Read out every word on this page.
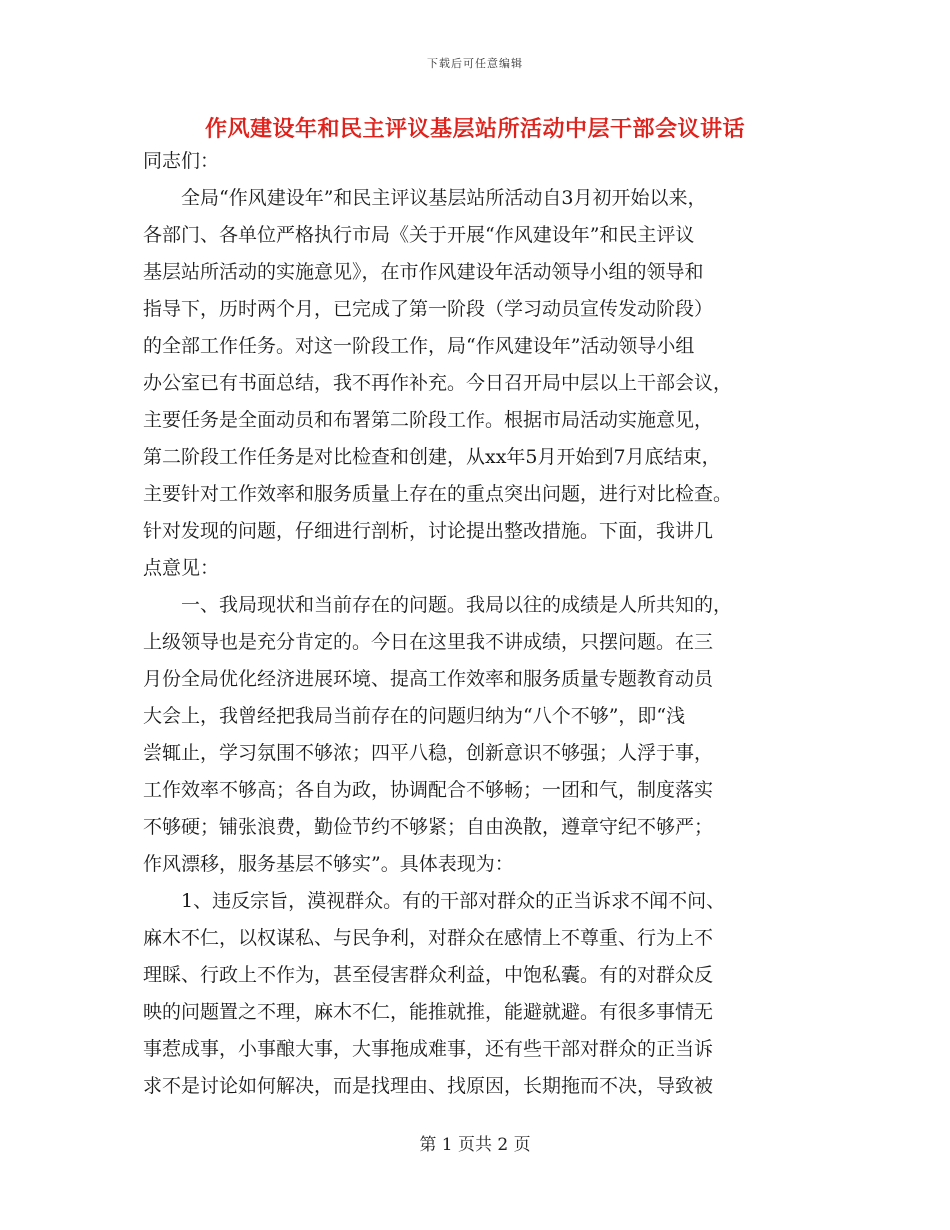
下载后可任意编辑
作风建设年和民主评议基层站所活动中层干部会议讲话
同志们：
全局“作风建设年”和民主评议基层站所活动自3月初开始以来，
各部门、各单位严格执行市局《关于开展“作风建设年”和民主评议
基层站所活动的实施意见》，在市作风建设年活动领导小组的领导和
指导下，历时两个月，已完成了第一阶段（学习动员宣传发动阶段）
的全部工作任务。对这一阶段工作，局“作风建设年”活动领导小组
办公室已有书面总结，我不再作补充。今日召开局中层以上干部会议，
主要任务是全面动员和布署第二阶段工作。根据市局活动实施意见，
第二阶段工作任务是对比检查和创建，从xx年5月开始到7月底结束，
主要针对工作效率和服务质量上存在的重点突出问题，进行对比检查。
针对发现的问题，仔细进行剖析，讨论提出整改措施。下面，我讲几
点意见：
一、我局现状和当前存在的问题。我局以往的成绩是人所共知的，
上级领导也是充分肯定的。今日在这里我不讲成绩，只摆问题。在三
月份全局优化经济进展环境、提高工作效率和服务质量专题教育动员
大会上，我曾经把我局当前存在的问题归纳为“八个不够”，即“浅
尝辄止，学习氛围不够浓；四平八稳，创新意识不够强；人浮于事，
工作效率不够高；各自为政，协调配合不够畅；一团和气，制度落实
不够硬；铺张浪费，勤俭节约不够紧；自由涣散，遵章守纪不够严；
作风漂移，服务基层不够实”。具体表现为：
1、违反宗旨，漠视群众。有的干部对群众的正当诉求不闻不问、
麻木不仁，以权谋私、与民争利，对群众在感情上不尊重、行为上不
理睬、行政上不作为，甚至侵害群众利益，中饱私囊。有的对群众反
映的问题置之不理，麻木不仁，能推就推，能避就避。有很多事情无
事惹成事，小事酿大事，大事拖成难事，还有些干部对群众的正当诉
求不是讨论如何解决，而是找理由、找原因，长期拖而不决，导致被
第 1 页共 2 页
